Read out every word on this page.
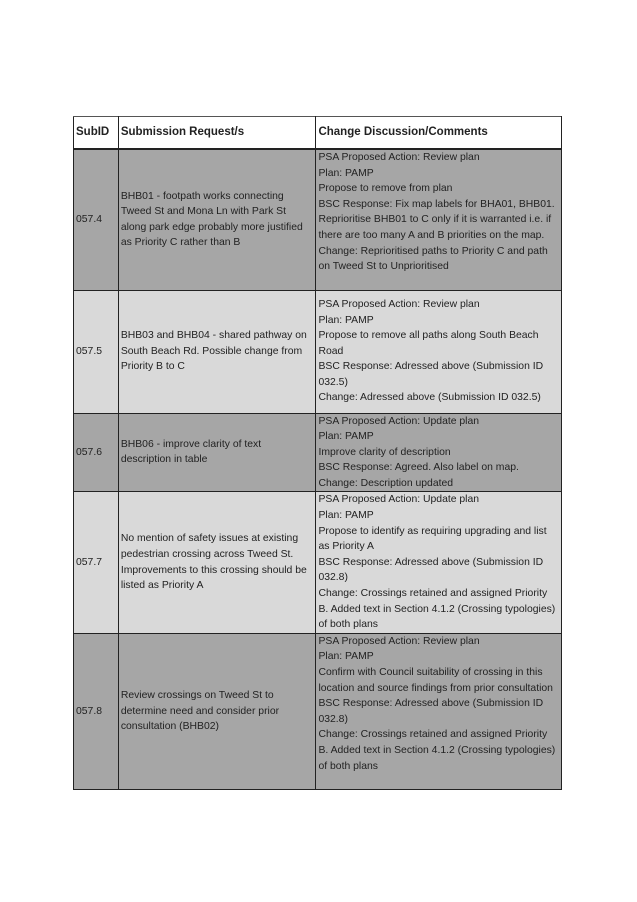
SubID	Submission Request/s	Change Discussion/Comments
057.4	BHB01 - footpath works connecting Tweed St and Mona Ln with Park St along park edge probably more justified as Priority C rather than B	PSA Proposed Action: Review plan
Plan: PAMP
Propose to remove from plan
BSC Response: Fix map labels for BHA01, BHB01. Reprioritise BHB01 to C only if it is warranted i.e. if there are too many A and B priorities on the map.
Change: Reprioritised paths to Priority C and path on Tweed St to Unprioritised

057.5	BHB03 and BHB04 - shared pathway on South Beach Rd. Possible change from Priority B to C	PSA Proposed Action: Review plan
Plan: PAMP
Propose to remove all paths along South Beach Road
BSC Response: Adressed above (Submission ID 032.5)
Change: Adressed above (Submission ID 032.5)

057.6	BHB06 - improve clarity of text description in table	PSA Proposed Action: Update plan
Plan: PAMP
Improve clarity of description
BSC Response: Agreed. Also label on map.
Change: Description updated

057.7	No mention of safety issues at existing pedestrian crossing across Tweed St. Improvements to this crossing should be listed as Priority A	PSA Proposed Action: Update plan
Plan: PAMP
Propose to identify as requiring upgrading and list as Priority A
BSC Response: Adressed above (Submission ID 032.8)
Change: Crossings retained and assigned Priority B. Added text in Section 4.1.2 (Crossing typologies) of both plans

057.8	Review crossings on Tweed St to determine need and consider prior consultation (BHB02)	PSA Proposed Action: Review plan
Plan: PAMP
Confirm with Council suitability of crossing in this location and source findings from prior consultation
BSC Response: Adressed above (Submission ID 032.8)
Change: Crossings retained and assigned Priority B. Added text in Section 4.1.2 (Crossing typologies) of both plans
